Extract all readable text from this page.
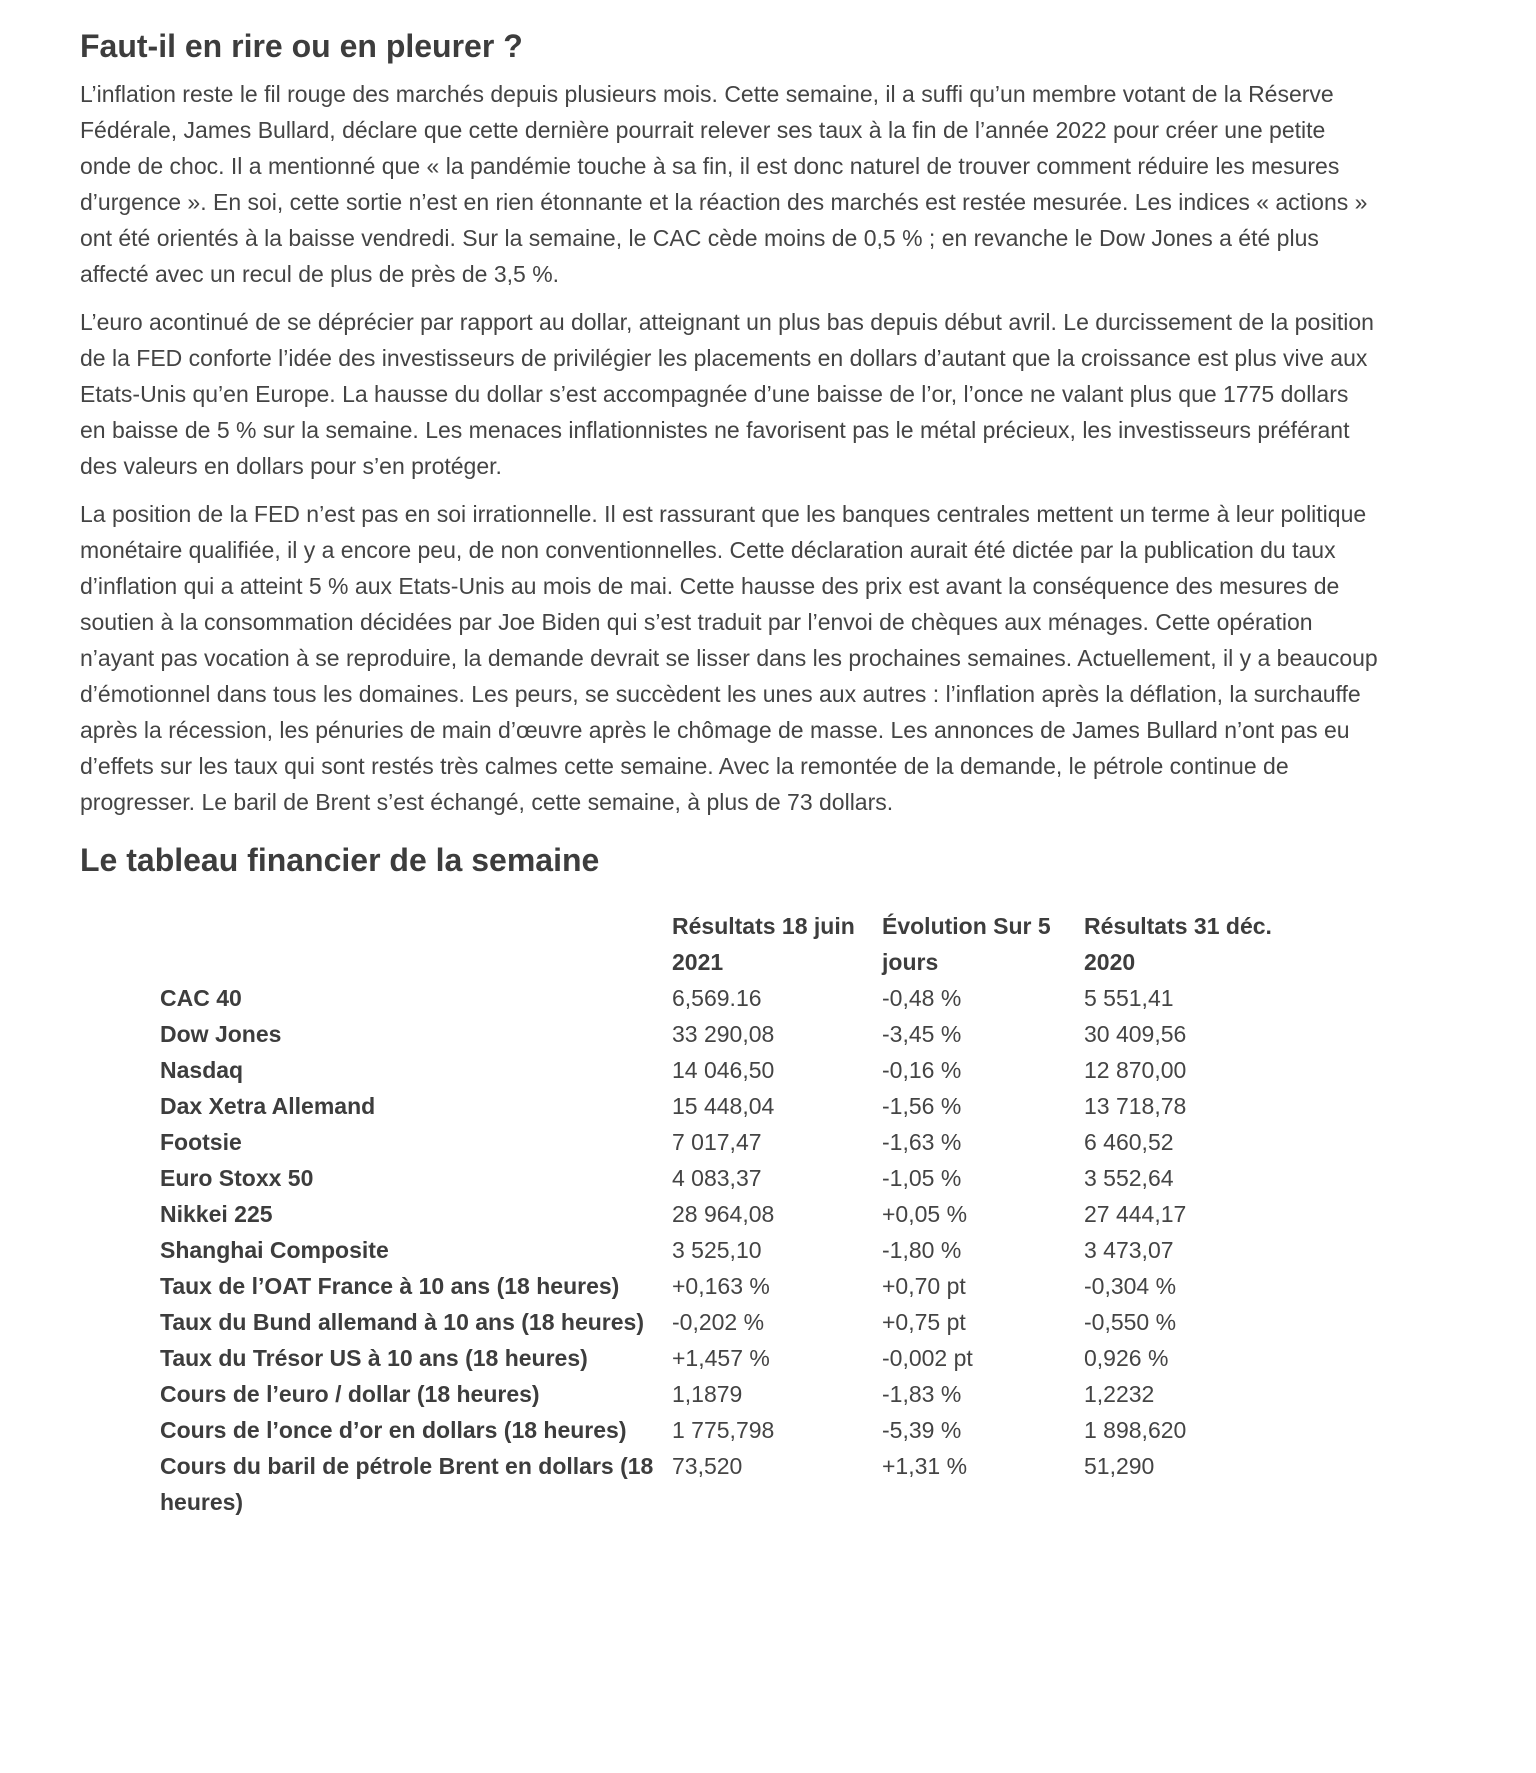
Faut-il en rire ou en pleurer ?

L’inflation reste le fil rouge des marchés depuis plusieurs mois. Cette semaine, il a suffi qu’un membre votant de la Réserve Fédérale, James Bullard, déclare que cette dernière pourrait relever ses taux à la fin de l’année 2022 pour créer une petite onde de choc. Il a mentionné que « la pandémie touche à sa fin, il est donc naturel de trouver comment réduire les mesures d’urgence ». En soi, cette sortie n’est en rien étonnante et la réaction des marchés est restée mesurée. Les indices « actions » ont été orientés à la baisse vendredi. Sur la semaine, le CAC cède moins de 0,5 % ; en revanche le Dow Jones a été plus affecté avec un recul de plus de près de 3,5 %.

L’euro acontinué de se déprécier par rapport au dollar, atteignant un plus bas depuis début avril. Le durcissement de la position de la FED conforte l’idée des investisseurs de privilégier les placements en dollars d’autant que la croissance est plus vive aux Etats-Unis qu’en Europe. La hausse du dollar s’est accompagnée d’une baisse de l’or, l’once ne valant plus que 1775 dollars en baisse de 5 % sur la semaine. Les menaces inflationnistes ne favorisent pas le métal précieux, les investisseurs préférant des valeurs en dollars pour s’en protéger.

La position de la FED n’est pas en soi irrationnelle. Il est rassurant que les banques centrales mettent un terme à leur politique monétaire qualifiée, il y a encore peu, de non conventionnelles. Cette déclaration aurait été dictée par la publication du taux d’inflation qui a atteint 5 % aux Etats-Unis au mois de mai. Cette hausse des prix est avant la conséquence des mesures de soutien à la consommation décidées par Joe Biden qui s’est traduit par l’envoi de chèques aux ménages. Cette opération n’ayant pas vocation à se reproduire, la demande devrait se lisser dans les prochaines semaines. Actuellement, il y a beaucoup d’émotionnel dans tous les domaines. Les peurs, se succèdent les unes aux autres : l’inflation après la déflation, la surchauffe après la récession, les pénuries de main d’œuvre après le chômage de masse. Les annonces de James Bullard n’ont pas eu d’effets sur les taux qui sont restés très calmes cette semaine. Avec la remontée de la demande, le pétrole continue de progresser. Le baril de Brent s’est échangé, cette semaine, à plus de 73 dollars.

Le tableau financier de la semaine
	Résultats 18 juin 2021	Évolution Sur 5 jours	Résultats 31 déc. 2020
CAC 40	6,569.16	-0,48 %	5 551,41
Dow Jones	33 290,08	-3,45 %	30 409,56
Nasdaq	14 046,50	-0,16 %	12 870,00
Dax Xetra Allemand	15 448,04	-1,56 %	13 718,78
Footsie	7 017,47	-1,63 %	6 460,52
Euro Stoxx 50	4 083,37	-1,05 %	3 552,64
Nikkei 225	28 964,08	+0,05 %	27 444,17
Shanghai Composite	3 525,10	-1,80 %	3 473,07
Taux de l’OAT France à 10 ans (18 heures)	+0,163 %	+0,70 pt	-0,304 %
Taux du Bund allemand à 10 ans (18 heures)	-0,202 %	+0,75 pt	-0,550 %
Taux du Trésor US à 10 ans (18 heures)	+1,457 %	-0,002 pt	0,926 %
Cours de l’euro / dollar (18 heures)	1,1879	-1,83 %	1,2232
Cours de l’once d’or en dollars (18 heures)	1 775,798	-5,39 %	1 898,620
Cours du baril de pétrole Brent en dollars (18 heures)	73,520	+1,31 %	51,290
